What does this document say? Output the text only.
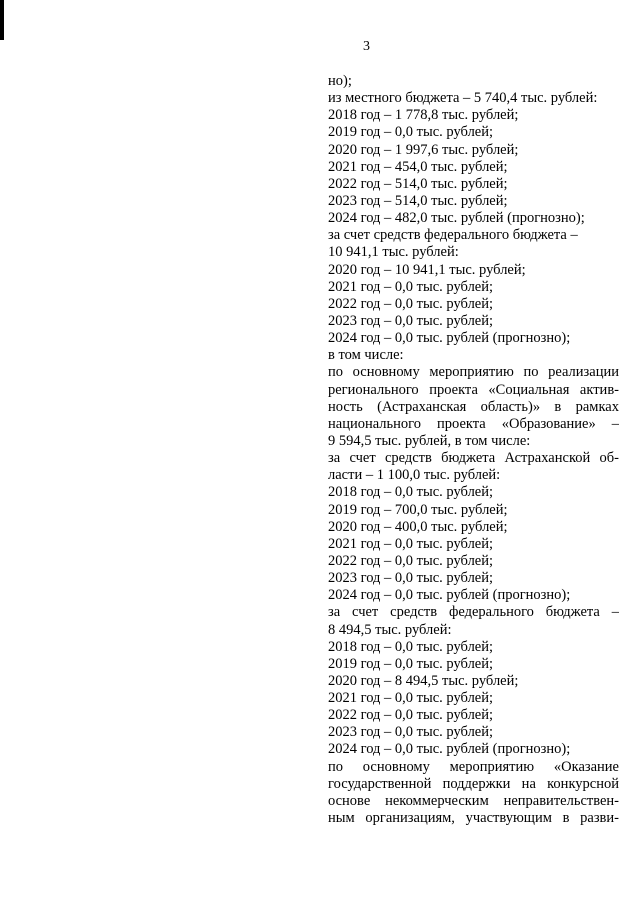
3
но);
из местного бюджета – 5 740,4 тыс. рублей:
2018 год – 1 778,8 тыс. рублей;
2019 год – 0,0 тыс. рублей;
2020 год – 1 997,6 тыс. рублей;
2021 год – 454,0 тыс. рублей;
2022 год – 514,0 тыс. рублей;
2023 год – 514,0 тыс. рублей;
2024 год – 482,0 тыс. рублей (прогнозно);
за счет средств федерального бюджета –
10 941,1 тыс. рублей:
2020 год – 10 941,1 тыс. рублей;
2021 год – 0,0 тыс. рублей;
2022 год – 0,0 тыс. рублей;
2023 год – 0,0 тыс. рублей;
2024 год – 0,0 тыс. рублей (прогнозно);
в том числе:
по основному мероприятию по реализации
регионального проекта «Социальная актив-
ность (Астраханская область)» в рамках
национального проекта «Образование» –
9 594,5 тыс. рублей, в том числе:
за счет средств бюджета Астраханской об-
ласти – 1 100,0 тыс. рублей:
2018 год – 0,0 тыс. рублей;
2019 год – 700,0 тыс. рублей;
2020 год – 400,0 тыс. рублей;
2021 год – 0,0 тыс. рублей;
2022 год – 0,0 тыс. рублей;
2023 год – 0,0 тыс. рублей;
2024 год – 0,0 тыс. рублей (прогнозно);
за счет средств федерального бюджета –
8 494,5 тыс. рублей:
2018 год – 0,0 тыс. рублей;
2019 год – 0,0 тыс. рублей;
2020 год – 8 494,5 тыс. рублей;
2021 год – 0,0 тыс. рублей;
2022 год – 0,0 тыс. рублей;
2023 год – 0,0 тыс. рублей;
2024 год – 0,0 тыс. рублей (прогнозно);
по основному мероприятию «Оказание
государственной поддержки на конкурсной
основе некоммерческим неправительствен-
ным организациям, участвующим в разви-
